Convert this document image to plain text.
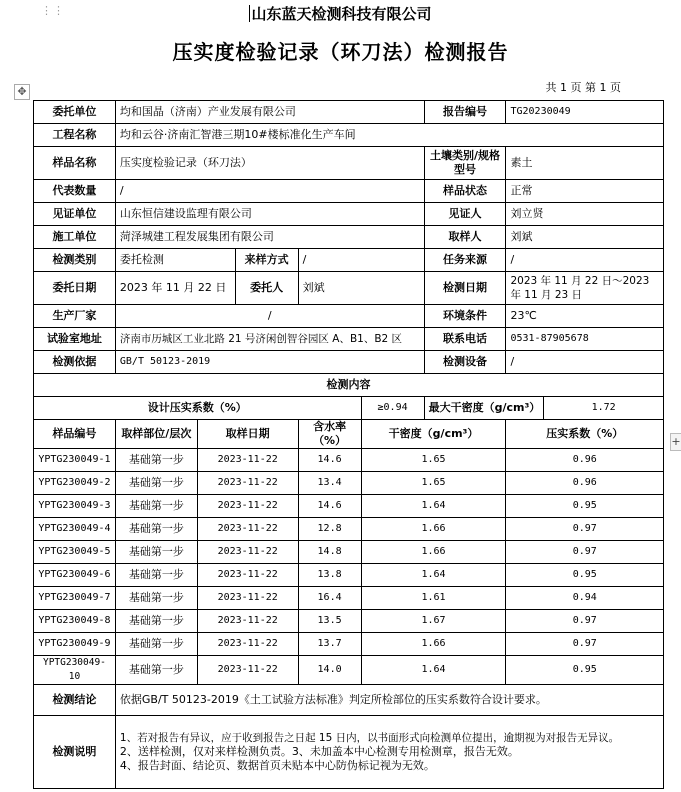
⋮⋮	山东蓝天检测科技有限公司
压实度检验记录（环刀法）检测报告
共 1 页 第 1 页
✥
+
委托单位	均和国晶（济南）产业发展有限公司					报告编号	TG20230049	
工程名称	均和云谷·济南汇智港三期10#楼标准化生产车间							
样品名称	压实度检验记录（环刀法）					土壤类别/规格型号	素土	
代表数量	/					样品状态	正常	
见证单位	山东恒信建设监理有限公司					见证人	刘立贤	
施工单位	菏泽城建工程发展集团有限公司					取样人	刘斌	
检测类别	委托检测		来样方式	/		任务来源	/	
委托日期	2023 年 11 月 22 日		委托人	刘斌		检测日期	2023 年 11 月 22 日～2023 年 11 月 23 日	
生产厂家	/					环境条件	23℃	
试验室地址	济南市历城区工业北路 21 号济闲创智谷园区 A、B1、B2 区					联系电话	0531-87905678	
检测依据	GB/T 50123-2019					检测设备	/	
检测内容								
设计压实系数（%）					≥0.94	最大干密度（g/cm³）		1.72
样品编号	取样部位/层次	取样日期		含水率（%）	干密度（g/cm³）		压实系数（%）	
YPTG230049-1	基础第一步	2023-11-22		14.6	1.65		0.96	
YPTG230049-2	基础第一步	2023-11-22		13.4	1.65		0.96	
YPTG230049-3	基础第一步	2023-11-22		14.6	1.64		0.95	
YPTG230049-4	基础第一步	2023-11-22		12.8	1.66		0.97	
YPTG230049-5	基础第一步	2023-11-22		14.8	1.66		0.97	
YPTG230049-6	基础第一步	2023-11-22		13.8	1.64		0.95	
YPTG230049-7	基础第一步	2023-11-22		16.4	1.61		0.94	
YPTG230049-8	基础第一步	2023-11-22		13.5	1.67		0.97	
YPTG230049-9	基础第一步	2023-11-22		13.7	1.66		0.97	
YPTG230049-10	基础第一步	2023-11-22		14.0	1.64		0.95	
检测结论	依据GB/T 50123-2019《土工试验方法标准》判定所检部位的压实系数符合设计要求。							
检测说明	1、若对报告有异议，应于收到报告之日起 15 日内，以书面形式向检测单位提出，逾期视为对报告无异议。
2、送样检测，仅对来样检测负责。3、未加盖本中心检测专用检测章，报告无效。
4、报告封面、结论页、数据首页未贴本中心防伪标记视为无效。							
